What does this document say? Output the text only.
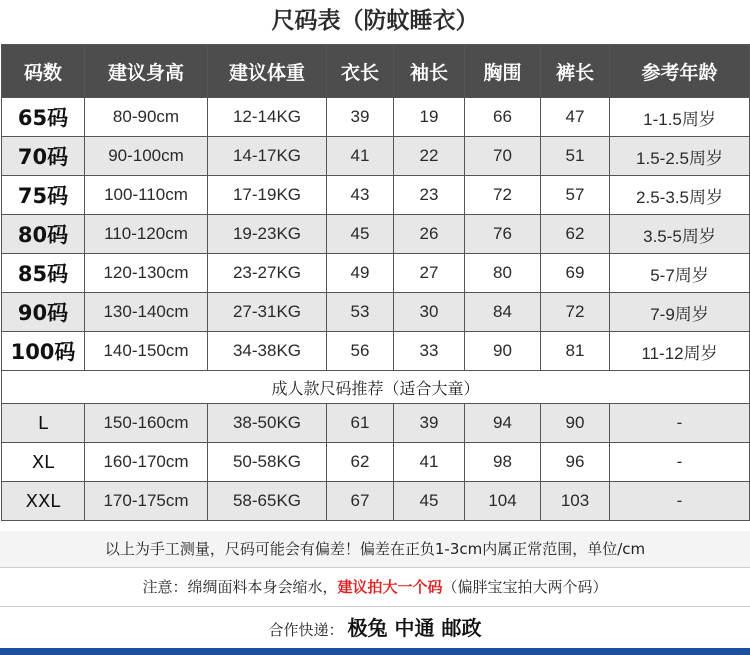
尺码表（防蚊睡衣）
码数	建议身高	建议体重	衣长	袖长	胸围	裤长	参考年龄
65码	80-90cm	12-14KG	39	19	66	47	1-1.5周岁
70码	90-100cm	14-17KG	41	22	70	51	1.5-2.5周岁
75码	100-110cm	17-19KG	43	23	72	57	2.5-3.5周岁
80码	110-120cm	19-23KG	45	26	76	62	3.5-5周岁
85码	120-130cm	23-27KG	49	27	80	69	5-7周岁
90码	130-140cm	27-31KG	53	30	84	72	7-9周岁
100码	140-150cm	34-38KG	56	33	90	81	11-12周岁
成人款尺码推荐（适合大童）							
L	150-160cm	38-50KG	61	39	94	90	-
XL	160-170cm	50-58KG	62	41	98	96	-
XXL	170-175cm	58-65KG	67	45	104	103	-
以上为手工测量，尺码可能会有偏差！偏差在正负1-3cm内属正常范围，单位/cm
注意：绵绸面料本身会缩水，建议拍大一个码（偏胖宝宝拍大两个码）
合作快递： 极兔 中通 邮政
